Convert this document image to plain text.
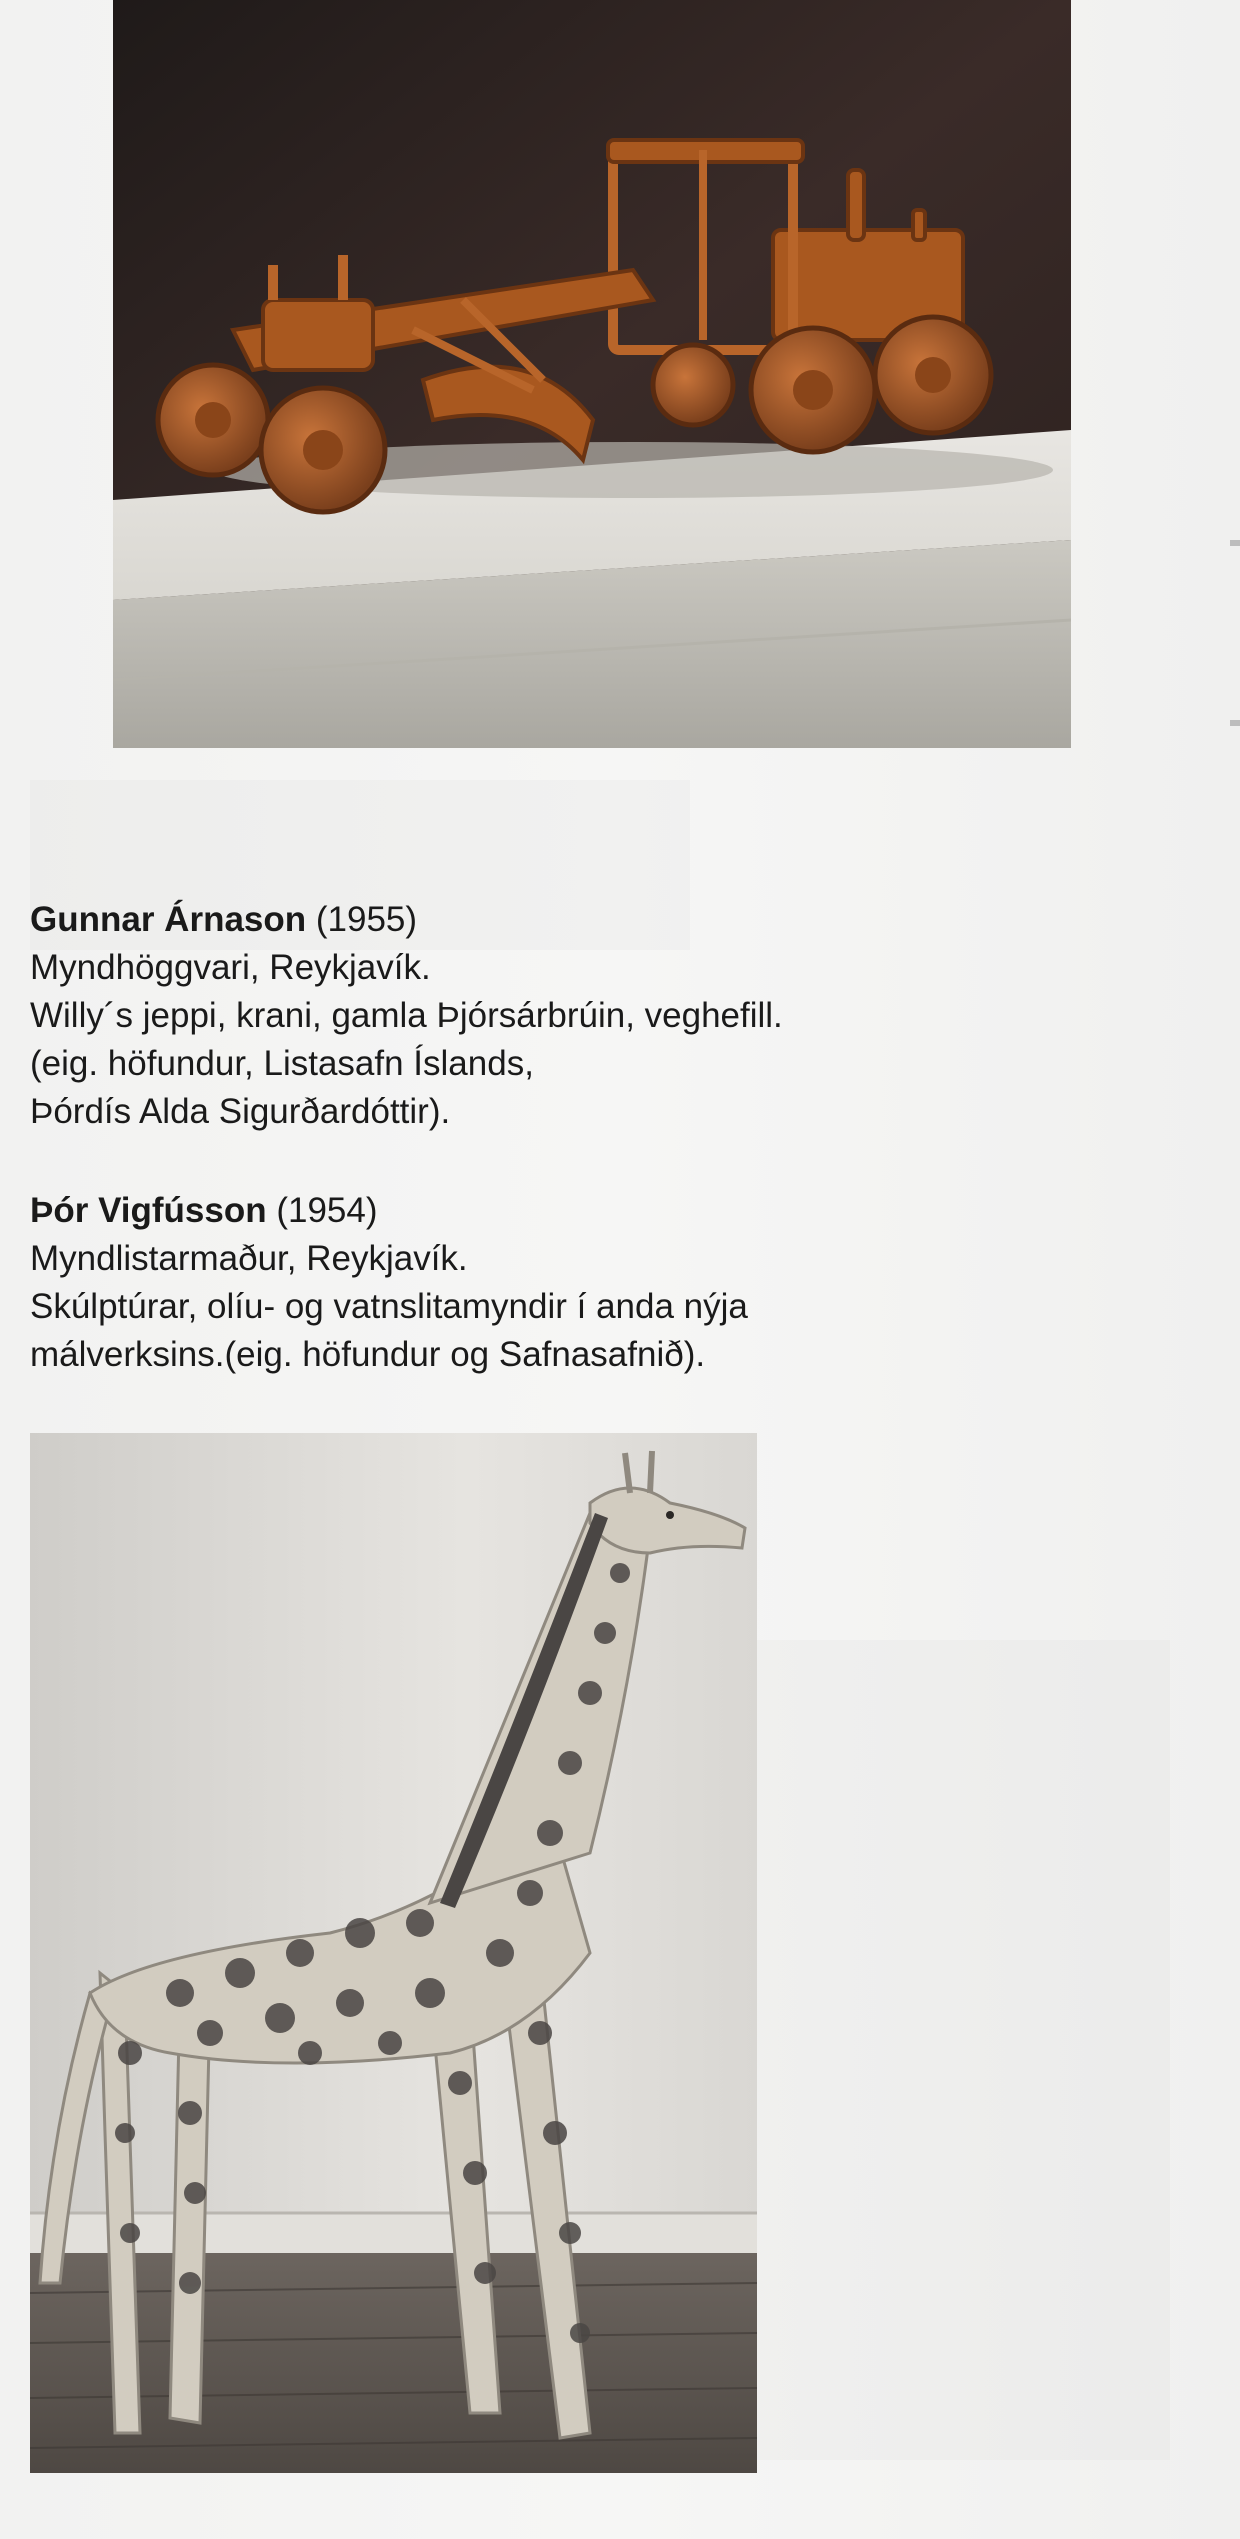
Gunnar Árnason (1955)
Myndhöggvari, Reykjavík.
Willy´s jeppi, krani, gamla Þjórsárbrúin, veghefill.
(eig. höfundur, Listasafn Íslands,
Þórdís Alda Sigurðardóttir).
Þór Vigfússon (1954)
Myndlistarmaður, Reykjavík.
Skúlptúrar, olíu- og vatnslitamyndir í anda nýja
málverksins.(eig. höfundur og Safnasafnið).
